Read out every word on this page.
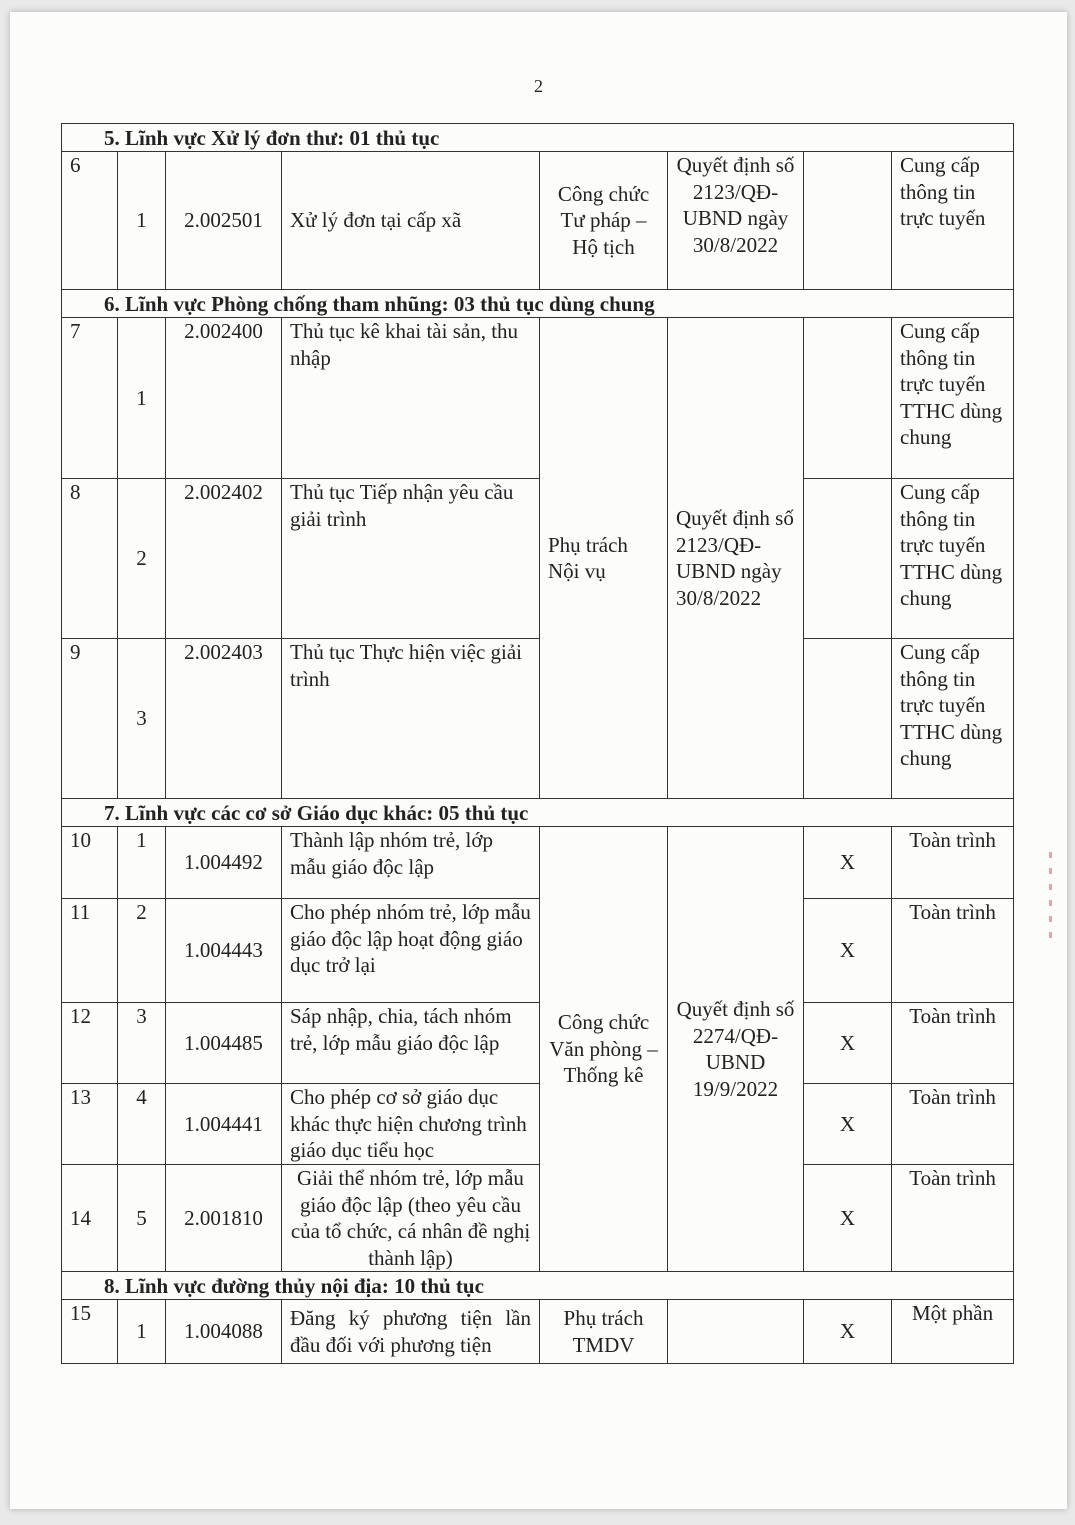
2
5. Lĩnh vực Xử lý đơn thư: 01 thủ tục							
6	1	2.002501	Xử lý đơn tại cấp xã	Công chức Tư pháp – Hộ tịch	Quyết định số 2123/QĐ-UBND ngày 30/8/2022		Cung cấp thông tin trực tuyến
6. Lĩnh vực Phòng chống tham nhũng: 03 thủ tục dùng chung							
7	1	2.002400	Thủ tục kê khai tài sản, thu nhập	Phụ trách Nội vụ	Quyết định số 2123/QĐ-UBND ngày 30/8/2022		Cung cấp thông tin trực tuyến TTHC dùng chung
8	2	2.002402	Thủ tục Tiếp nhận yêu cầu giải trình				Cung cấp thông tin trực tuyến TTHC dùng chung
9	3	2.002403	Thủ tục Thực hiện việc giải trình				Cung cấp thông tin trực tuyến TTHC dùng chung
7. Lĩnh vực các cơ sở Giáo dục khác: 05 thủ tục							
10	1	1.004492	Thành lập nhóm trẻ, lớp mẫu giáo độc lập	Công chức Văn phòng – Thống kê	Quyết định số 2274/QĐ-UBND 19/9/2022	X	Toàn trình
11	2	1.004443	Cho phép nhóm trẻ, lớp mẫu giáo độc lập hoạt động giáo dục trở lại			X	Toàn trình
12	3	1.004485	Sáp nhập, chia, tách nhóm trẻ, lớp mẫu giáo độc lập			X	Toàn trình
13	4	1.004441	Cho phép cơ sở giáo dục khác thực hiện chương trình giáo dục tiểu học			X	Toàn trình
14	5	2.001810	Giải thể nhóm trẻ, lớp mẫu giáo độc lập (theo yêu cầu của tổ chức, cá nhân đề nghị thành lập)			X	Toàn trình
8. Lĩnh vực đường thủy nội địa: 10 thủ tục							
15	1	1.004088	Đăng ký phương tiện lần đầu đối với phương tiện	Phụ trách TMDV		X	Một phần
